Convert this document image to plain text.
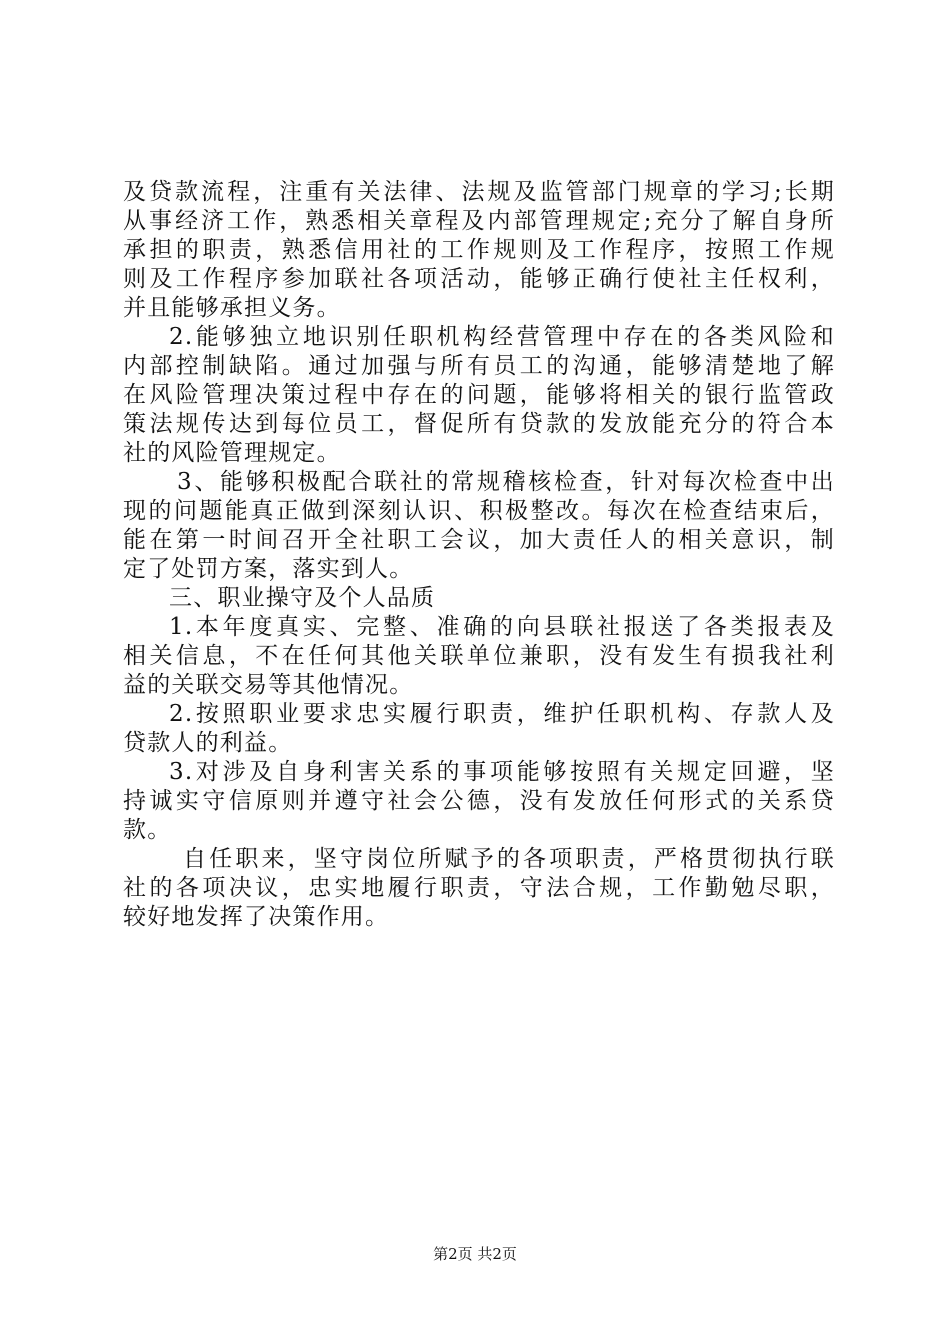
及贷款流程，注重有关法律、法规及监管部门规章的学习;长期
从事经济工作，熟悉相关章程及内部管理规定;充分了解自身所
承担的职责，熟悉信用社的工作规则及工作程序，按照工作规
则及工作程序参加联社各项活动，能够正确行使社主任权利，
并且能够承担义务。
2.能够独立地识别任职机构经营管理中存在的各类风险和
内部控制缺陷。通过加强与所有员工的沟通，能够清楚地了解
在风险管理决策过程中存在的问题，能够将相关的银行监管政
策法规传达到每位员工，督促所有贷款的发放能充分的符合本
社的风险管理规定。
3、能够积极配合联社的常规稽核检查，针对每次检查中出
现的问题能真正做到深刻认识、积极整改。每次在检查结束后，
能在第一时间召开全社职工会议，加大责任人的相关意识，制
定了处罚方案，落实到人。
三、职业操守及个人品质
1.本年度真实、完整、准确的向县联社报送了各类报表及
相关信息，不在任何其他关联单位兼职，没有发生有损我社利
益的关联交易等其他情况。
2.按照职业要求忠实履行职责，维护任职机构、存款人及
贷款人的利益。
3.对涉及自身利害关系的事项能够按照有关规定回避，坚
持诚实守信原则并遵守社会公德，没有发放任何形式的关系贷
款。
自任职来，坚守岗位所赋予的各项职责，严格贯彻执行联
社的各项决议，忠实地履行职责，守法合规，工作勤勉尽职，
较好地发挥了决策作用。
第2页 共2页
